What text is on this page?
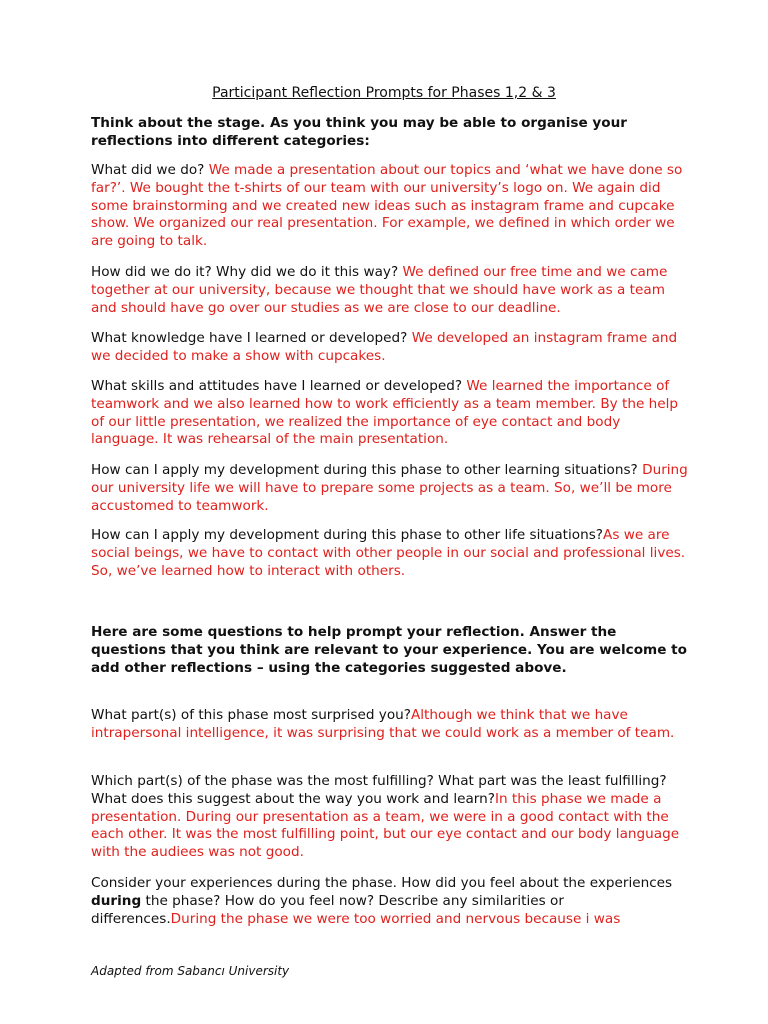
Participant Reflection Prompts for Phases 1,2 & 3
Think about the stage. As you think you may be able to organise your reflections into different categories:
What did we do? We made a presentation about our topics and ‘what we have done so far?’. We bought the t-shirts of our team with our university’s logo on. We again did some brainstorming and we created new ideas such as instagram frame and cupcake show. We organized our real presentation. For example, we defined in which order we are going to talk.
How did we do it? Why did we do it this way? We defined our free time and we came together at our university, because we thought that we should have work as a team and should have go over our studies as we are close to our deadline.
What knowledge have I learned or developed? We developed an instagram frame and we decided to make a show with cupcakes.
What skills and attitudes have I learned or developed? We learned the importance of teamwork and we also learned how to work efficiently as a team member. By the help of our little presentation, we realized the importance of eye contact and body language. It was rehearsal of the main presentation.
How can I apply my development during this phase to other learning situations? During our university life we will have to prepare some projects as a team. So, we’ll be more accustomed to teamwork.
How can I apply my development during this phase to other life situations?As we are social beings, we have to contact with other people in our social and professional lives. So, we’ve learned how to interact with others.
Here are some questions to help prompt your reflection. Answer the questions that you think are relevant to your experience. You are welcome to add other reflections – using the categories suggested above.
What part(s) of this phase most surprised you?Although we think that we have intrapersonal intelligence, it was surprising that we could work as a member of team.
Which part(s) of the phase was the most fulfilling? What part was the least fulfilling? What does this suggest about the way you work and learn?In this phase we made a presentation. During our presentation as a team, we were in a good contact with the each other. It was the most fulfilling point, but our eye contact and our body language with the audiees was not good.
Consider your experiences during the phase. How did you feel about the experiences during the phase? How do you feel now? Describe any similarities or differences.During the phase we were too worried and nervous because i was
Adapted from Sabancı University
